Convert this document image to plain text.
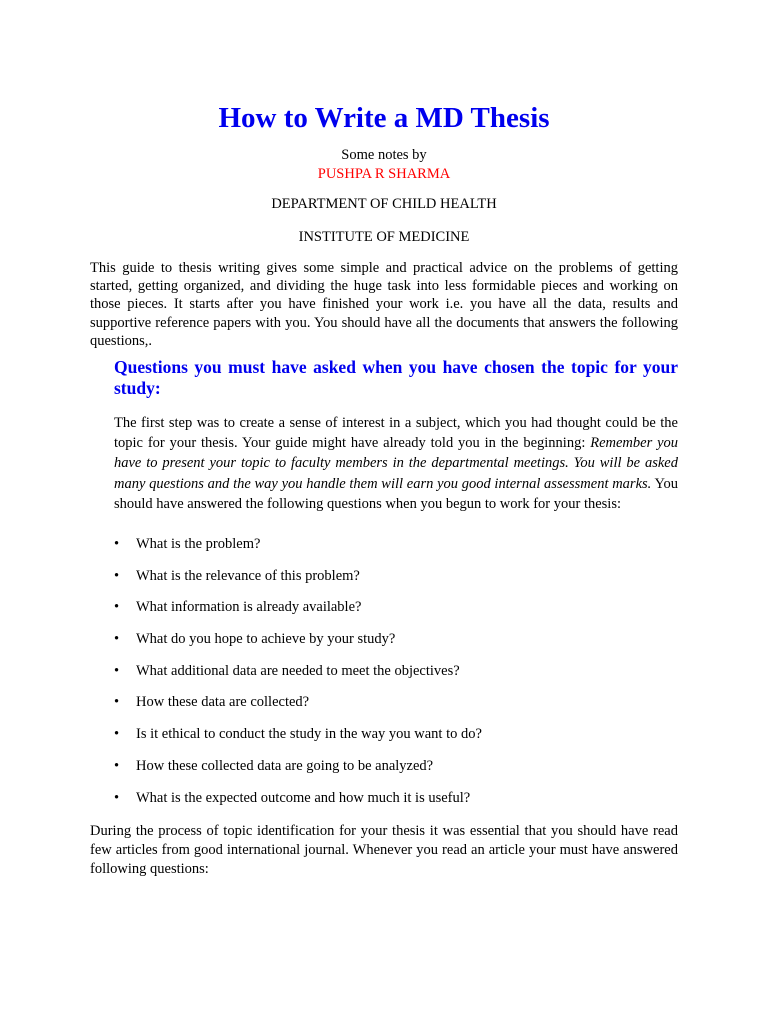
How to Write a MD Thesis
Some notes by
PUSHPA R SHARMA
DEPARTMENT OF CHILD HEALTH
INSTITUTE OF MEDICINE

This guide to thesis writing gives some simple and practical advice on the problems of getting started, getting organized, and dividing the huge task into less formidable pieces and working on those pieces. It starts after you have finished your work i.e. you have all the data, results and supportive reference papers with you. You should have all the documents that answers the following questions,.

Questions you must have asked when you have chosen the topic for your study:

The first step was to create a sense of interest in a subject, which you had thought could be the topic for your thesis. Your guide might have already told you in the beginning: Remember you have to present your topic to faculty members in the departmental meetings. You will be asked many questions and the way you handle them will earn you good internal assessment marks. You should have answered the following questions when you begun to work for your thesis:

• What is the problem?
• What is the relevance of this problem?
• What information is already available?
• What do you hope to achieve by your study?
• What additional data are needed to meet the objectives?
• How these data are collected?
• Is it ethical to conduct the study in the way you want to do?
• How these collected data are going to be analyzed?
• What is the expected outcome and how much it is useful?

During the process of topic identification for your thesis it was essential that you should have read few articles from good international journal. Whenever you read an article your must have answered following questions:
